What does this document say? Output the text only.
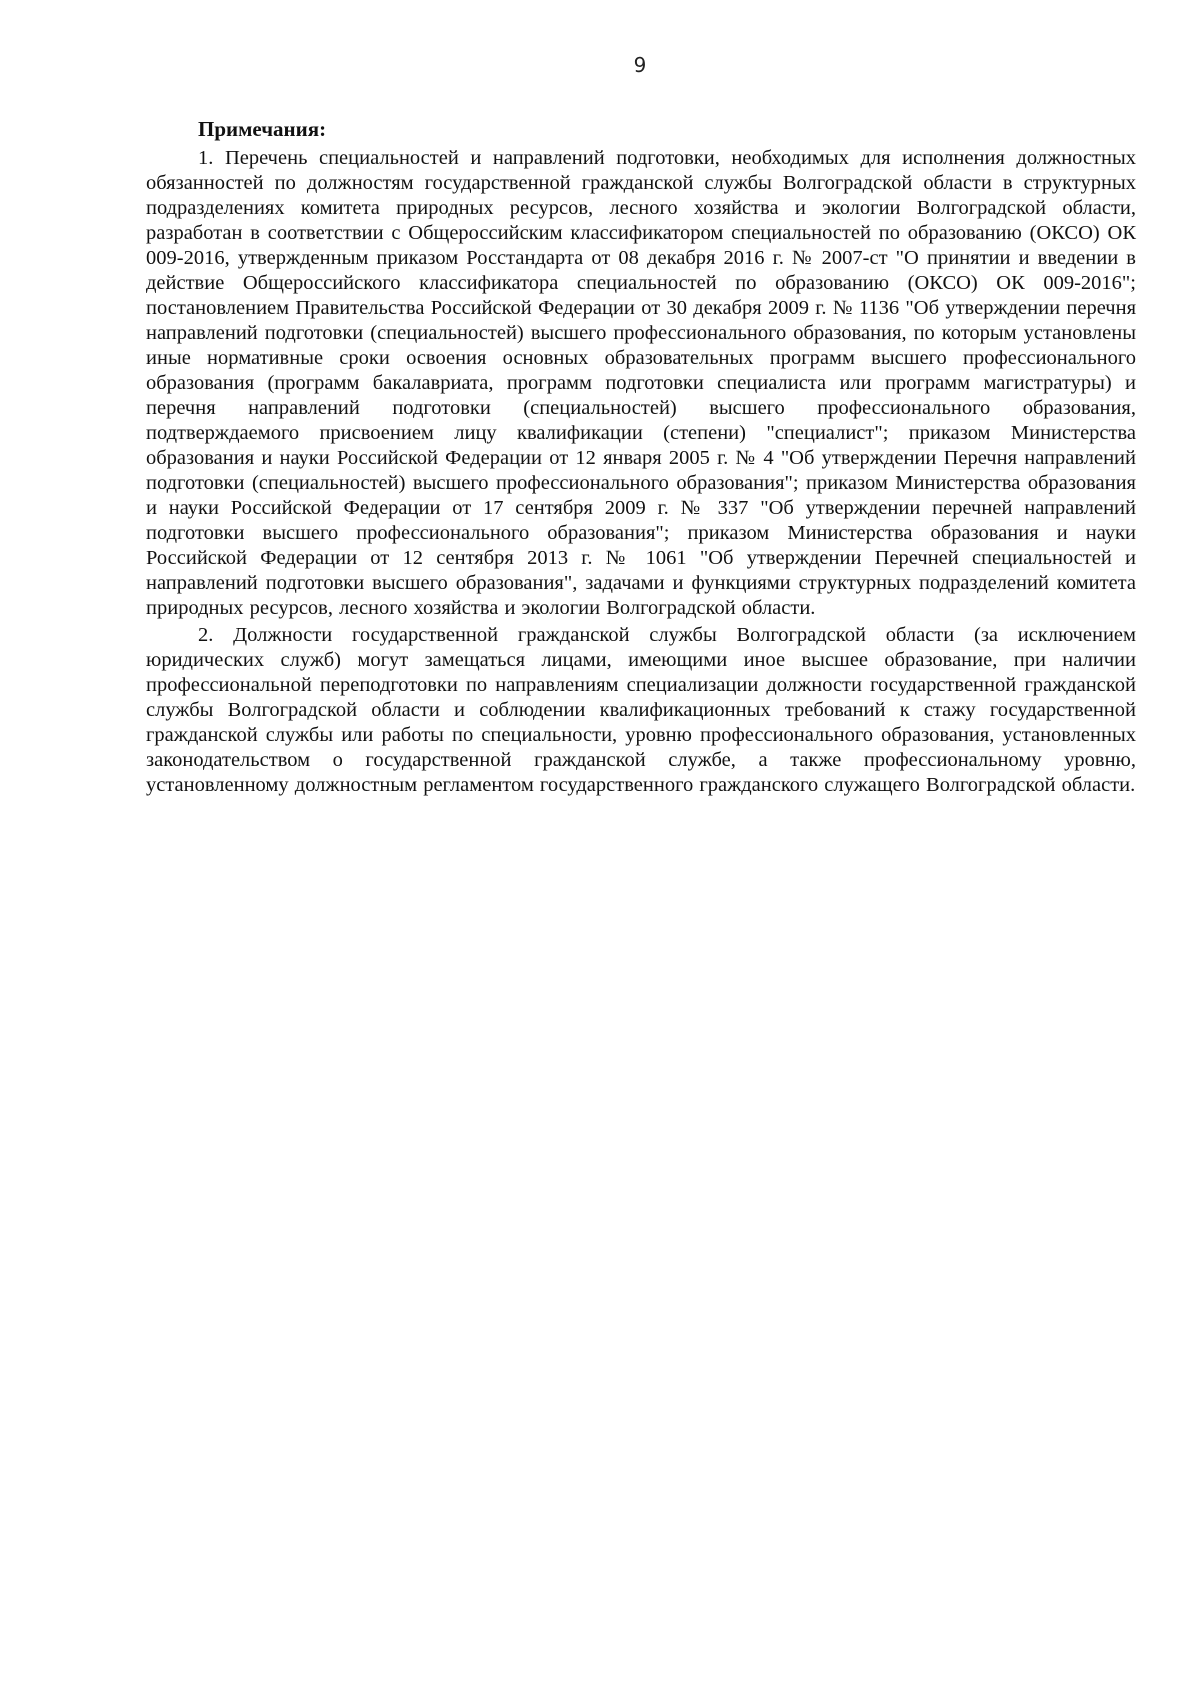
9

Примечания:

1. Перечень специальностей и направлений подготовки, необходимых для исполнения должностных обязанностей по должностям государственной гражданской службы Волгоградской области в структурных подразделениях комитета природных ресурсов, лесного хозяйства и экологии Волгоградской области, разработан в соответствии с Общероссийским классификатором специальностей по образованию (ОКСО) ОК 009-2016, утвержденным приказом Росстандарта от 08 декабря 2016 г. № 2007-ст "О принятии и введении в действие Общероссийского классификатора специальностей по образованию (ОКСО) ОК 009-2016"; постановлением Правительства Российской Федерации от 30 декабря 2009 г. № 1136 "Об утверждении перечня направлений подготовки (специальностей) высшего профессионального образования, по которым установлены иные нормативные сроки освоения основных образовательных программ высшего профессионального образования (программ бакалавриата, программ подготовки специалиста или программ магистратуры) и перечня направлений подготовки (специальностей) высшего профессионального образования, подтверждаемого присвоением лицу квалификации (степени) "специалист"; приказом Министерства образования и науки Российской Федерации от 12 января 2005 г. № 4 "Об утверждении Перечня направлений подготовки (специальностей) высшего профессионального образования"; приказом Министерства образования и науки Российской Федерации от 17 сентября 2009 г. № 337 "Об утверждении перечней направлений подготовки высшего профессионального образования"; приказом Министерства образования и науки Российской Федерации от 12 сентября 2013 г. № 1061 "Об утверждении Перечней специальностей и направлений подготовки высшего образования", задачами и функциями структурных подразделений комитета природных ресурсов, лесного хозяйства и экологии Волгоградской области.

2. Должности государственной гражданской службы Волгоградской области (за исключением юридических служб) могут замещаться лицами, имеющими иное высшее образование, при наличии профессиональной переподготовки по направлениям специализации должности государственной гражданской службы Волгоградской области и соблюдении квалификационных требований к стажу государственной гражданской службы или работы по специальности, уровню профессионального образования, установленных законодательством о государственной гражданской службе, а также профессиональному уровню, установленному должностным регламентом государственного гражданского служащего Волгоградской области.
